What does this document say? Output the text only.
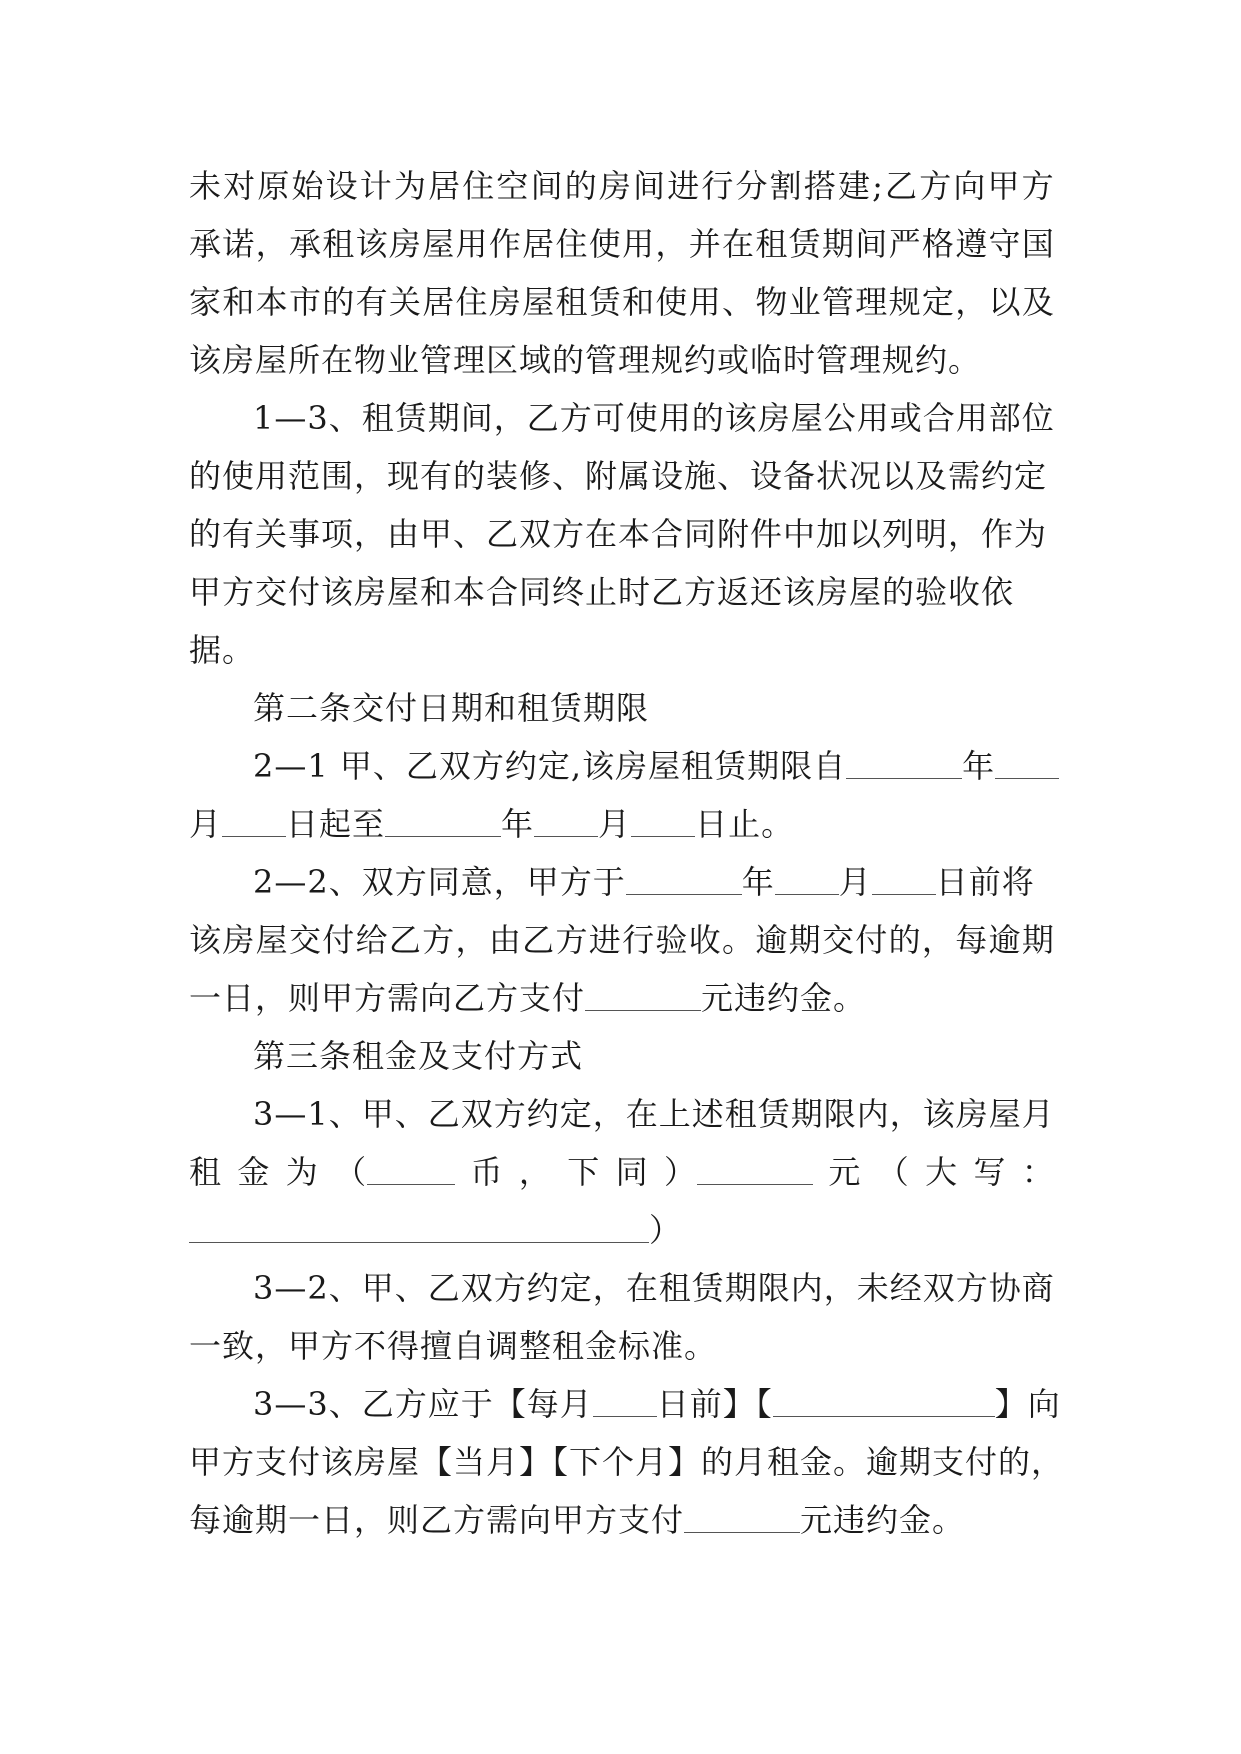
未 对 原 始 设 计 为 居 住 空 间 的 房 间 进 行 分 割 搭 建 ; 乙 方 向 甲 方
承 诺 ， 承 租 该 房 屋 用 作 居 住 使 用 ， 并 在 租 赁 期 间 严 格 遵 守 国
家 和 本 市 的 有 关 居 住 房 屋 租 赁 和 使 用 、 物 业 管 理 规 定 ， 以 及
该房屋所在物业管理区域的管理规约或临时管理规约。
1—3、租赁期间，乙方可使用的该房屋公用或合用部位
的使用范围，现有的装修、附属设施、设备状况以及需约定
的有关事项，由甲、乙双方在本合同附件中加以列明，作为
甲方交付该房屋和本合同终止时乙方返还该房屋的验收依
据。
第二条交付日期和租赁期限
2—1 甲、乙双方约定,该房屋租赁期限自	年
月 日起至	年 月 日止。
2—2、双方同意，甲方于	年 月 日前将
该 房 屋 交 付 给 乙 方 ， 由 乙 方 进 行 验 收 。 逾 期 交 付 的 ， 每 逾 期
一日，则甲方需向乙方支付	元违约金。
第三条租金及支付方式
3—1、甲、乙双方约定，在上述租赁期限内，该房屋月
租 金 为 （	币 ， 下 同 ）	元 （ 大 写 ：
）
3—2、甲、乙双方约定，在租赁期限内，未经双方协商
一致，甲方不得擅自调整租金标准。
3—3、乙方应于【每月 日前】【	】向
甲方支付该房屋【当月】【下个月】的月租金。逾期支付的，
每逾期一日，则乙方需向甲方支付	元违约金。
